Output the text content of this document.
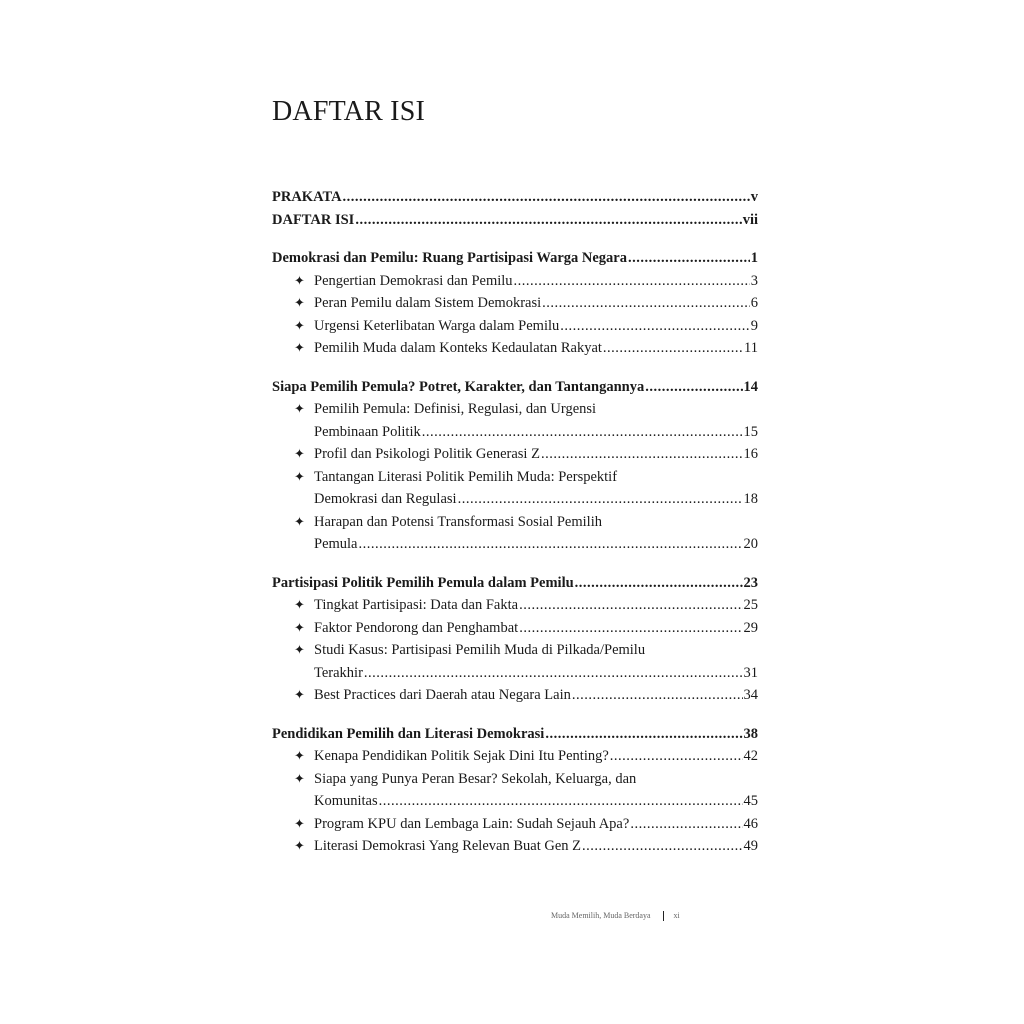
DAFTAR ISI
PRAKATA .....	v
DAFTAR ISI .....	vii
Demokrasi dan Pemilu: Ruang Partisipasi Warga Negara .....	1
✦ Pengertian Demokrasi dan Pemilu .....	3
✦ Peran Pemilu dalam Sistem Demokrasi .....	6
✦ Urgensi Keterlibatan Warga dalam Pemilu .....	9
✦ Pemilih Muda dalam Konteks Kedaulatan Rakyat .....	11
Siapa Pemilih Pemula? Potret, Karakter, dan Tantangannya .....	14
✦ Pemilih Pemula: Definisi, Regulasi, dan Urgensi
Pembinaan Politik .....	15
✦ Profil dan Psikologi Politik Generasi Z .....	16
✦ Tantangan Literasi Politik Pemilih Muda: Perspektif
Demokrasi dan Regulasi .....	18
✦ Harapan dan Potensi Transformasi Sosial Pemilih
Pemula .....	20
Partisipasi Politik Pemilih Pemula dalam Pemilu .....	23
✦ Tingkat Partisipasi: Data dan Fakta .....	25
✦ Faktor Pendorong dan Penghambat .....	29
✦ Studi Kasus: Partisipasi Pemilih Muda di Pilkada/Pemilu
Terakhir .....	31
✦ Best Practices dari Daerah atau Negara Lain .....	34
Pendidikan Pemilih dan Literasi Demokrasi .....	38
✦ Kenapa Pendidikan Politik Sejak Dini Itu Penting? .....	42
✦ Siapa yang Punya Peran Besar? Sekolah, Keluarga, dan
Komunitas .....	45
✦ Program KPU dan Lembaga Lain: Sudah Sejauh Apa? .....	46
✦ Literasi Demokrasi Yang Relevan Buat Gen Z .....	49
Muda Memilih, Muda Berdaya	xi
